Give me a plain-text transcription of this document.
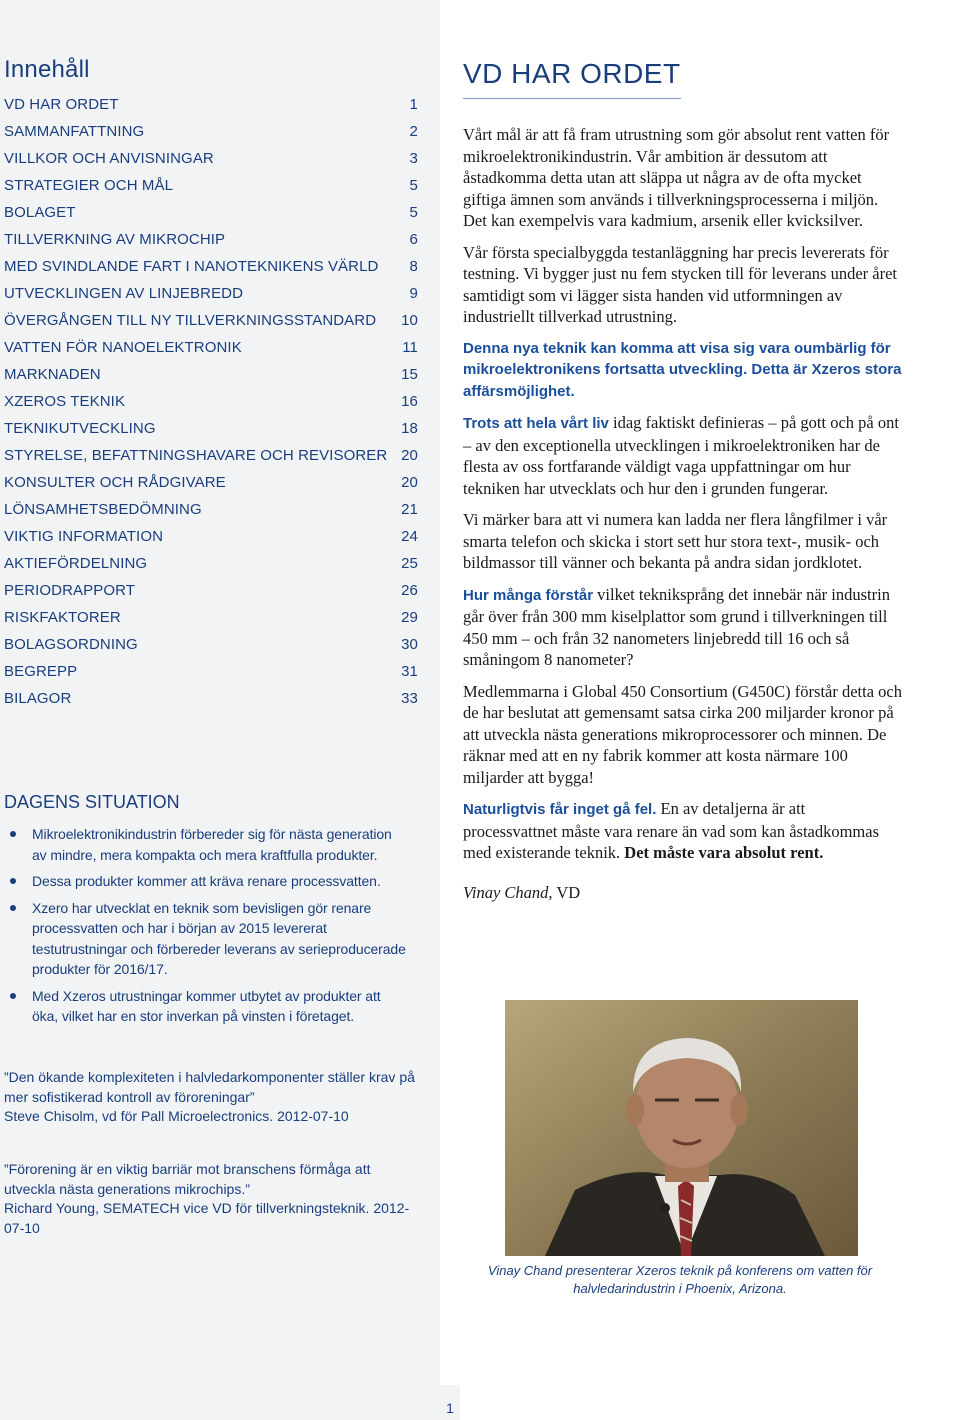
Innehåll
VD HAR ORDET	1
SAMMANFATTNING	2
VILLKOR OCH ANVISNINGAR	3
STRATEGIER OCH MÅL	5
BOLAGET	5
TILLVERKNING AV MIKROCHIP	6
MED SVINDLANDE FART I NANOTEKNIKENS VÄRLD 8
UTVECKLINGEN AV LINJEBREDD	9
ÖVERGÅNGEN TILL NY TILLVERKNINGSSTANDARD 10
VATTEN FÖR NANOELEKTRONIK	11
MARKNADEN	15
XZEROS TEKNIK	16
TEKNIKUTVECKLING	18
STYRELSE, BEFATTNINGSHAVARE OCH REVISORER 20
KONSULTER OCH RÅDGIVARE	20
LÖNSAMHETSBEDÖMNING	21
VIKTIG INFORMATION	24
AKTIEFÖRDELNING	25
PERIODRAPPORT	26
RISKFAKTORER	29
BOLAGSORDNING	30
BEGREPP	31
BILAGOR	33
DAGENS SITUATION
Mikroelektronikindustrin förbereder sig för nästa generation av mindre, mera kompakta och mera kraftfulla produkter.
Dessa produkter kommer att kräva renare processvatten.
Xzero har utvecklat en teknik som bevisligen gör renare processvatten och har i början av 2015 levererat testutrustningar och förbereder leverans av serieproducerade produkter för 2016/17.
Med Xzeros utrustningar kommer utbytet av produkter att öka, vilket har en stor inverkan på vinsten i företaget.

”Den ökande komplexiteten i halvledarkomponenter ställer krav på mer sofistikerad kontroll av föroreningar”

Steve Chisolm, vd för Pall Microelectronics. 2012-07-10

”Förorening är en viktig barriär mot branschens förmåga att utveckla nästa generations mikrochips.”

Richard Young, SEMATECH vice VD för tillverkningsteknik. 2012-07-10

VD HAR ORDET

Vårt mål är att få fram utrustning som gör absolut rent vatten för mikroelektronikindustrin. Vår ambition är dessutom att åstadkomma detta utan att släppa ut några av de ofta mycket giftiga ämnen som används i tillverkningsprocesserna i miljön. Det kan exempelvis vara kadmium, arsenik eller kvicksilver.

Vår första specialbyggda testanläggning har precis levererats för testning. Vi bygger just nu fem stycken till för leverans under året samtidigt som vi lägger sista handen vid utformningen av industriellt tillverkad utrustning.

Denna nya teknik kan komma att visa sig vara oumbärlig för mikroelektronikens fortsatta utveckling. Detta är Xzeros stora affärsmöjlighet.

Trots att hela vårt liv idag faktiskt definieras – på gott och på ont – av den exceptionella utvecklingen i mikroelektroniken har de flesta av oss fortfarande väldigt vaga uppfattningar om hur tekniken har utvecklats och hur den i grunden fungerar.

Vi märker bara att vi numera kan ladda ner flera långfilmer i vår smarta telefon och skicka i stort sett hur stora text-, musik- och bildmassor till vänner och bekanta på andra sidan jordklotet.

Hur många förstår vilket tekniksprång det innebär när industrin går över från 300 mm kiselplattor som grund i tillverkningen till 450 mm – och från 32 nanometers linjebredd till 16 och så småningom 8 nanometer?

Medlemmarna i Global 450 Consortium (G450C) förstår detta och de har beslutat att gemensamt satsa cirka 200 miljarder kronor på att utveckla nästa generations mikroprocessorer och minnen. De räknar med att en ny fabrik kommer att kosta närmare 100 miljarder att bygga!

Naturligtvis får inget gå fel. En av detaljerna är att processvattnet måste vara renare än vad som kan åstadkommas med existerande teknik. Det måste vara absolut rent.

Vinay Chand, VD

Vinay Chand presenterar Xzeros teknik på konferens om vatten för halvledarindustrin i Phoenix, Arizona.
1
